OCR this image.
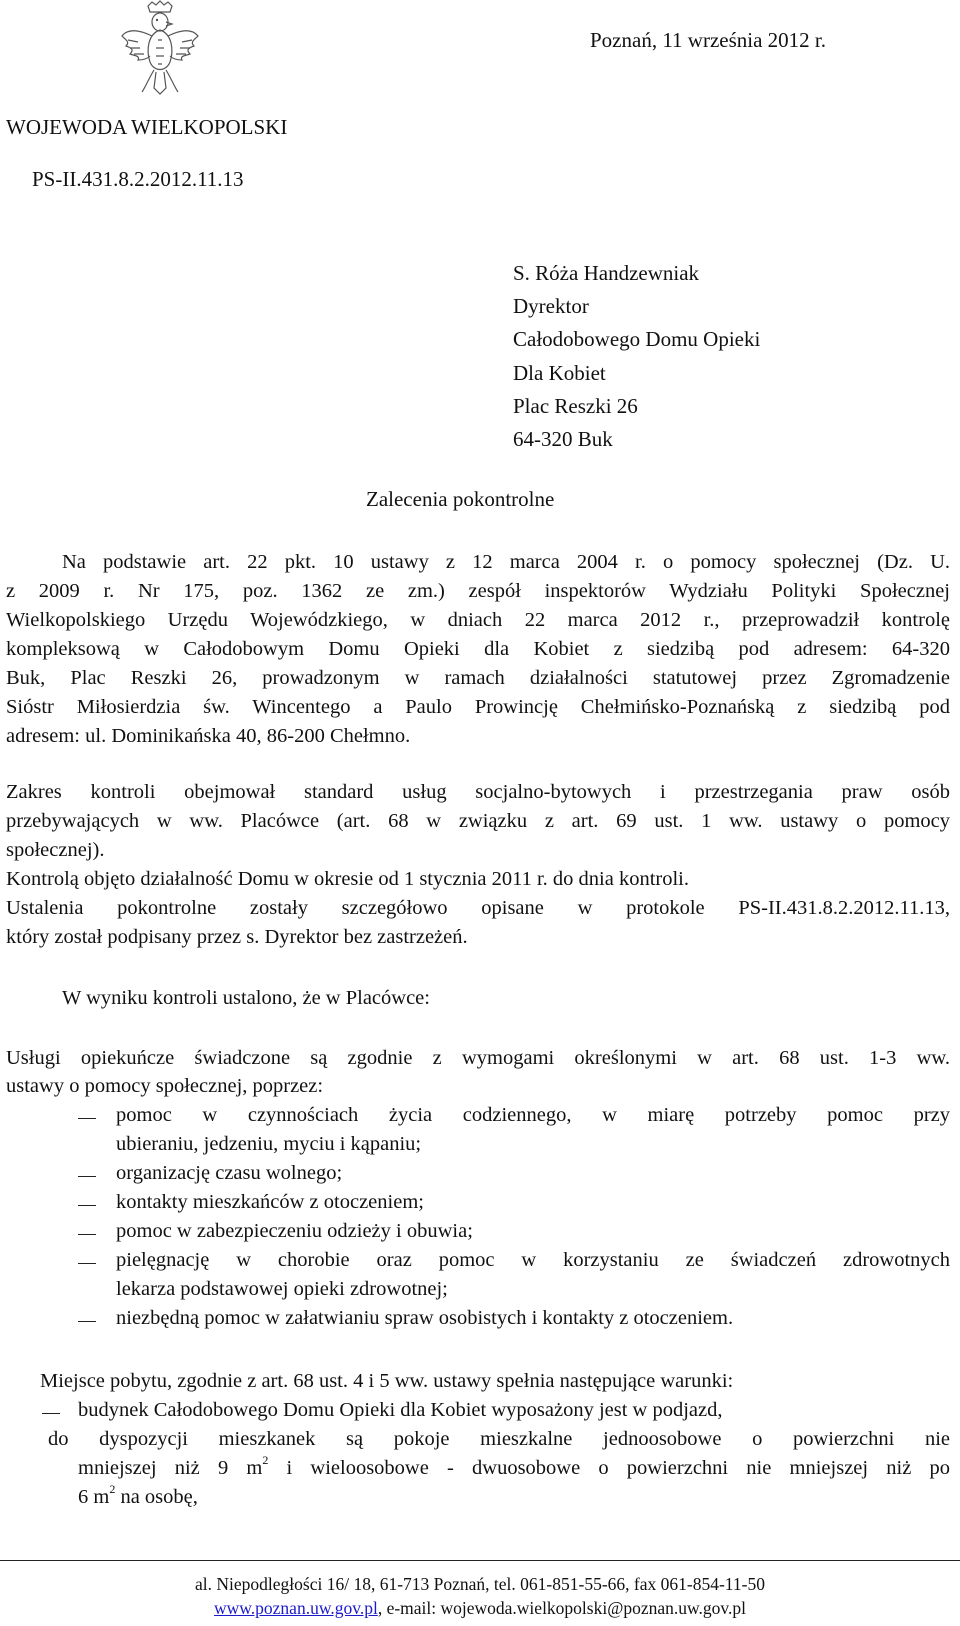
Poznań, 11 września 2012 r.
WOJEWODA WIELKOPOLSKI
PS-II.431.8.2.2012.11.13
S. Róża Handzewniak
Dyrektor
Całodobowego Domu Opieki
Dla Kobiet
Plac Reszki 26
64-320 Buk
Zalecenia pokontrolne
Na podstawie art. 22 pkt. 10 ustawy z 12 marca 2004 r. o pomocy społecznej (Dz. U.
z 2009 r. Nr 175, poz. 1362 ze zm.) zespół inspektorów Wydziału Polityki Społecznej
Wielkopolskiego Urzędu Wojewódzkiego, w dniach 22 marca 2012 r., przeprowadził kontrolę
kompleksową w Całodobowym Domu Opieki dla Kobiet z siedzibą pod adresem: 64-320
Buk, Plac Reszki 26, prowadzonym w ramach działalności statutowej przez Zgromadzenie
Sióstr Miłosierdzia św. Wincentego a Paulo Prowincję Chełmińsko-Poznańską z siedzibą pod
adresem: ul. Dominikańska 40, 86-200 Chełmno.
Zakres kontroli obejmował standard usług socjalno-bytowych i przestrzegania praw osób
przebywających w ww. Placówce (art. 68 w związku z art. 69 ust. 1 ww. ustawy o pomocy
społecznej).
Kontrolą objęto działalność Domu w okresie od 1 stycznia 2011 r. do dnia kontroli.
Ustalenia pokontrolne zostały szczegółowo opisane w protokole PS-II.431.8.2.2012.11.13,
który został podpisany przez s. Dyrektor bez zastrzeżeń.
W wyniku kontroli ustalono, że w Placówce:
Usługi opiekuńcze świadczone są zgodnie z wymogami określonymi w art. 68 ust. 1-3 ww.
ustawy o pomocy społecznej, poprzez:
pomoc w czynnościach życia codziennego, w miarę potrzeby pomoc przy
ubieraniu, jedzeniu, myciu i kąpaniu;
organizację czasu wolnego;
kontakty mieszkańców z otoczeniem;
pomoc w zabezpieczeniu odzieży i obuwia;
pielęgnację w chorobie oraz pomoc w korzystaniu ze świadczeń zdrowotnych
lekarza podstawowej opieki zdrowotnej;
niezbędną pomoc w załatwianiu spraw osobistych i kontakty z otoczeniem.
Miejsce pobytu, zgodnie z art. 68 ust. 4 i 5 ww. ustawy spełnia następujące warunki:
budynek Całodobowego Domu Opieki dla Kobiet wyposażony jest w podjazd,
do dyspozycji mieszkanek są pokoje mieszkalne jednoosobowe o powierzchni nie
mniejszej niż 9 $m^2$ i wieloosobowe - dwuosobowe o powierzchni nie mniejszej niż po
6 $m^2$ na osobę,
al. Niepodległości 16/ 18, 61-713 Poznań, tel. 061-851-55-66, fax 061-854-11-50
www.poznan.uw.gov.pl, e-mail: wojewoda.wielkopolski@poznan.uw.gov.pl
